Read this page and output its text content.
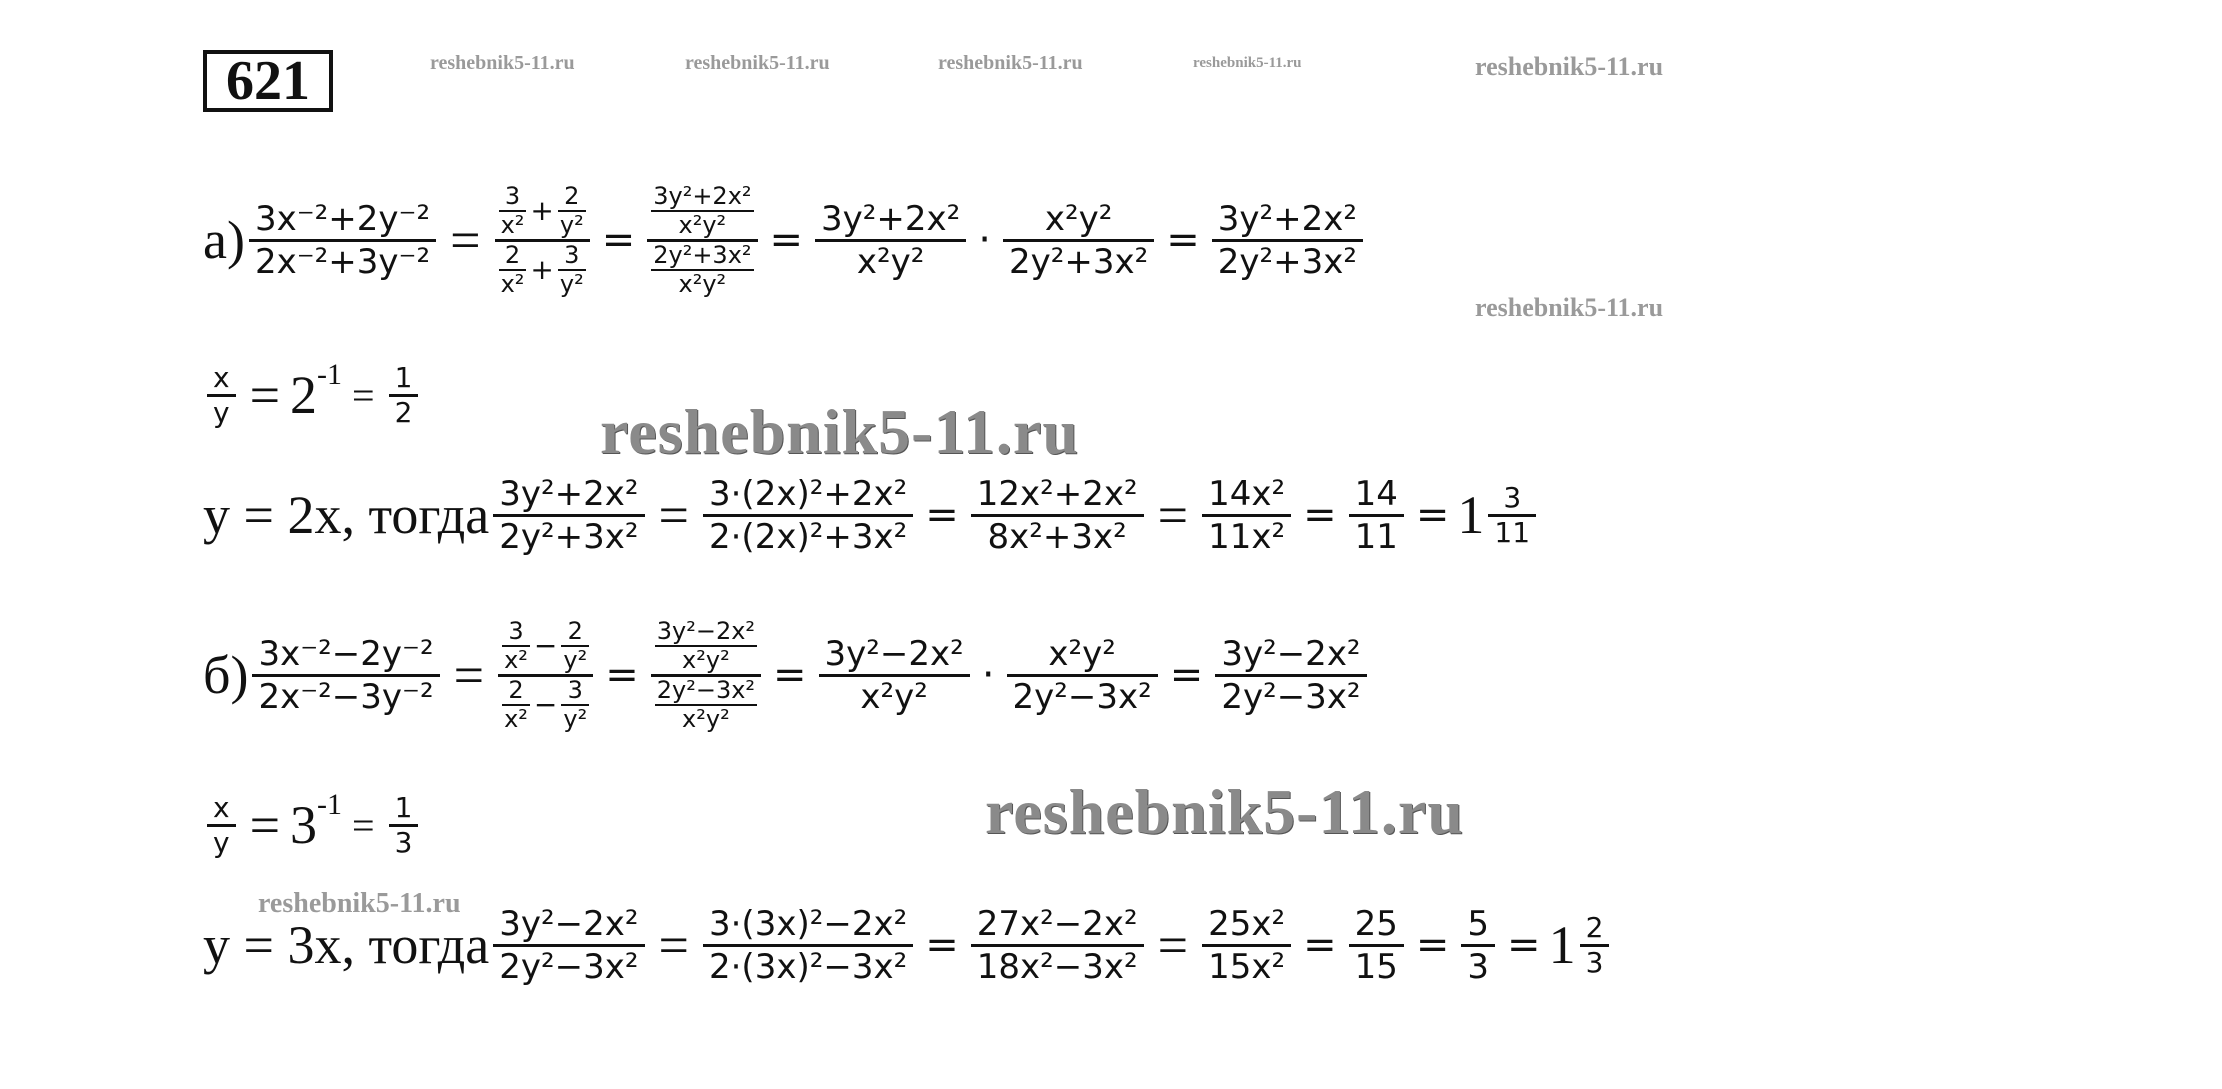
621	reshebnik5-11.ru	reshebnik5-11.ru	reshebnik5-11.ru	reshebnik5-11.ru	reshebnik5-11.ru
reshebnik5-11.ru
$а) \frac{\text{3x⁻²+2y⁻²}}{\text{2x⁻²+3y⁻²}} = \frac{\frac{3}{\text{x²}} + \frac{2}{\text{y²}}}{\frac{2}{\text{x²}} + \frac{3}{\text{y²}}} = \frac{\frac{\text{3y²+2x²}}{\text{x²y²}}}{\frac{\text{2y²+3x²}}{\text{x²y²}}} = \frac{\text{3y²+2x²}}{\text{x²y²}} \cdot \frac{\text{x²y²}}{\text{2y²+3x²}} = \frac{\text{3y²+2x²}}{\text{2y²+3x²}}$
$\frac{x}{y} = 2^{-1} = \frac{1}{2}$
reshebnik5-11.ru
y = 2x, тогда $\frac{\text{3y²+2x²}}{\text{2y²+3x²}} = \frac{\text{3·(2x)²+2x²}}{\text{2·(2x)²+3x²}} = \frac{\text{12x²+2x²}}{\text{8x²+3x²}} = \frac{\text{14x²}}{\text{11x²}} = \frac{14}{11} = 1 \frac{3}{11}$
$б) \frac{\text{3x⁻²−2y⁻²}}{\text{2x⁻²−3y⁻²}} = \frac{\frac{3}{\text{x²}} - \frac{2}{\text{y²}}}{\frac{2}{\text{x²}} - \frac{3}{\text{y²}}} = \frac{\frac{\text{3y²−2x²}}{\text{x²y²}}}{\frac{\text{2y²−3x²}}{\text{x²y²}}} = \frac{\text{3y²−2x²}}{\text{x²y²}} \cdot \frac{\text{x²y²}}{\text{2y²−3x²}} = \frac{\text{3y²−2x²}}{\text{2y²−3x²}}$
$\frac{x}{y} = 3^{-1} = \frac{1}{3}$	reshebnik5-11.ru
reshebnik5-11.ru
y = 3x, тогда $\frac{\text{3y²−2x²}}{\text{2y²−3x²}} = \frac{\text{3·(3x)²−2x²}}{\text{2·(3x)²−3x²}} = \frac{\text{27x²−2x²}}{\text{18x²−3x²}} = \frac{\text{25x²}}{\text{15x²}} = \frac{25}{15} = \frac{5}{3} = 1 \frac{2}{3}$
